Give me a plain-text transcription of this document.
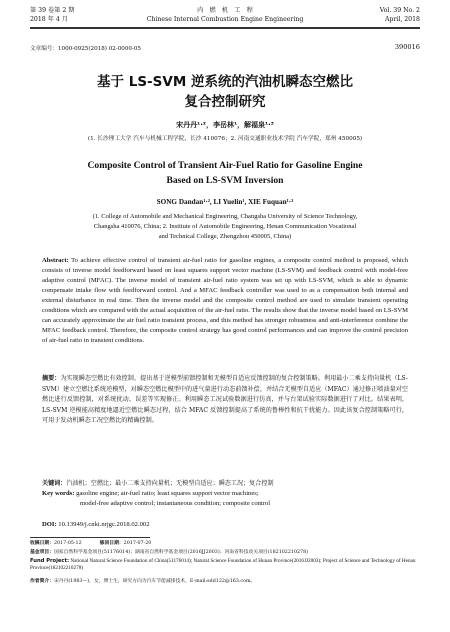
第 39 卷第 2 期
2018 年 4 月
内　燃　机　工　程
Chinese Internal Combustion Engine Engineering
Vol. 39 No. 2
April, 2018
文章编号：1000-0925(2018) 02-0000-05	390016
基于 LS-SVM 逆系统的汽油机瞬态空燃比
复合控制研究
宋丹丹¹·²，李岳林¹，解福泉¹·³
(1. 长沙理工大学 汽车与机械工程学院，长沙 410076；2. 河南交通职业技术学院 汽车学院，郑州 450005)
Composite Control of Transient Air-Fuel Ratio for Gasoline Engine
Based on LS-SVM Inversion
SONG Dandan¹·², LI Yuelin¹, XIE Fuquan¹·³
(1. College of Automobile and Mechanical Engineering, Changsha University of Science Technology,
Changsha 410076, China; 2. Institute of Automobile Engineering, Henan Communication Vocational
and Technical College, Zhengzhou 450005, China)
Abstract: To achieve effective control of transient air-fuel ratio for gasoline engines, a composite control method is proposed, which consists of inverse model feedforward based on least squares support vector machine (LS-SVM) and feedback control with model-free adaptive control (MFAC). The inverse model of transient air-fuel ratio system was set up with LS-SVM, which is able to dynamic compensate intake flow with feedforward control. And a MFAC feedback controller was used to as a compensation both internal and external disturbance in real time. Then the inverse model and the composite control method are used to simulate transient operating conditions which are compared with the actual acquisition of the air-fuel ratio. The results show that the inverse model based on LS-SVM can accurately approximate the air fuel ratio transient process, and this method has stronger robustness and anti-interference combine the MFAC feedback control. Therefore, the composite control strategy has good control performances and can improve the control precision of air-fuel ratio in transient conditions.
摘要：为实现瞬态空燃比有效控制，提出基于逆模型前馈控制和无模型自适应反馈控制的复合控制策略。利用最小二乘支持向量机（LS-SVM）建立空燃比系统逆模型，对瞬态空燃比模型中的进气量进行动态前馈补偿，并结合无模型自适应（MFAC）通过修正喷油量对空燃比进行反馈控制，对系统扰动、误差等实现修正。利用瞬态工况试验数据进行仿真，并与台架试验实际数据进行了对比。结果表明，LS-SVM 逆模能高精度地逼近空燃比瞬态过程，结合 MFAC 反馈控制提高了系统的鲁棒性和抗干扰能力。因此该复合控制策略可行，可用于发动机瞬态工况空燃比的精确控制。
关键词：汽油机；空燃比；最小二乘支持向量机；无模型自适应；瞬态工况；复合控制
Key words: gasoline engine; air-fuel ratio; least squares support vector machines;
model-free adaptive control; instantaneous condition; composite control
DOI: 10.13949/j.cnki.nrjgc.2018.02.002
收稿日期：2017-05-12	修回日期：2017-07-20
基金项目：国家自然科学基金项目(51176014)；湖南省自然科学基金项目(2016JJ2003)；河南省科技攻关项目(182102210278)
Fund Project: National Natural Science Foundation of China(51176014); Natural Science Foundation of Hunan Province(2016JJ2003); Project of Science and Technology of Henan Province(182102210278)
作者简介：宋丹丹(1983—)，女，博士生，研究方向为汽车节能减排技术，E-mail:sdd122@163.com。
